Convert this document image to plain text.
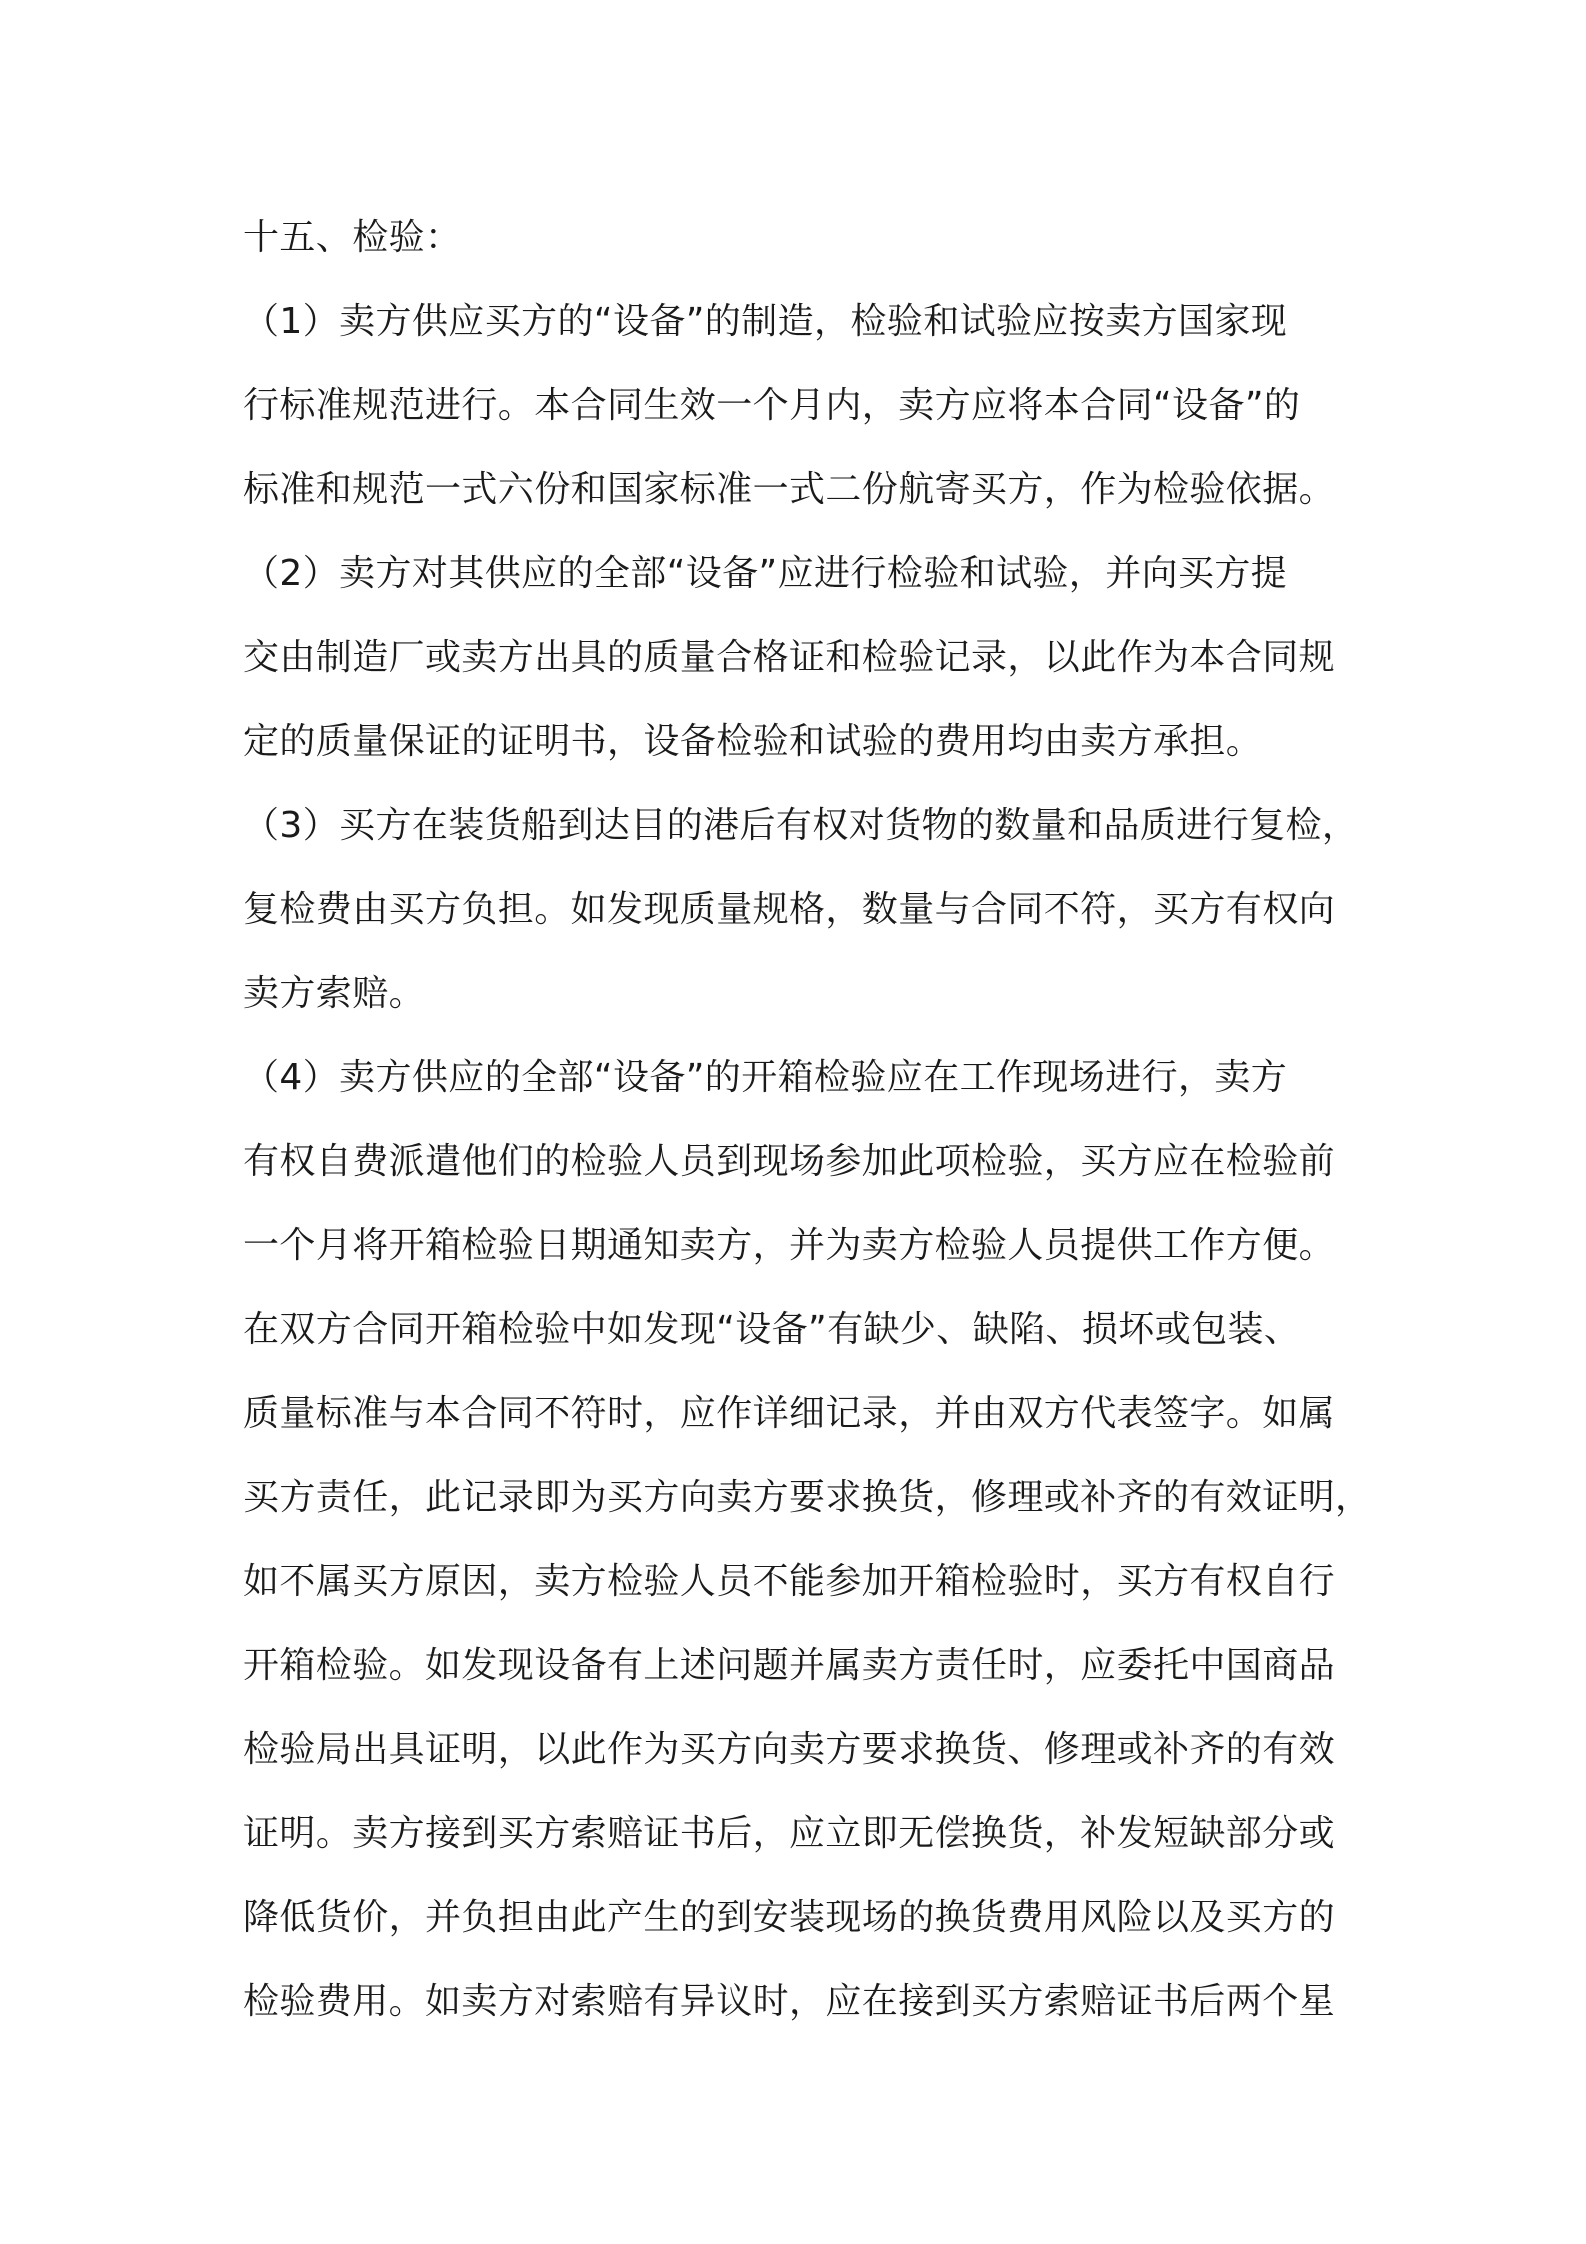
十五、检验：
（1）卖方供应买方的“设备”的制造，检验和试验应按卖方国家现
行标准规范进行。本合同生效一个月内，卖方应将本合同“设备”的
标准和规范一式六份和国家标准一式二份航寄买方，作为检验依据。
（2）卖方对其供应的全部“设备”应进行检验和试验，并向买方提
交由制造厂或卖方出具的质量合格证和检验记录，以此作为本合同规
定的质量保证的证明书，设备检验和试验的费用均由卖方承担。
（3）买方在装货船到达目的港后有权对货物的数量和品质进行复检，
复检费由买方负担。如发现质量规格，数量与合同不符，买方有权向
卖方索赔。
（4）卖方供应的全部“设备”的开箱检验应在工作现场进行，卖方
有权自费派遣他们的检验人员到现场参加此项检验，买方应在检验前
一个月将开箱检验日期通知卖方，并为卖方检验人员提供工作方便。
在双方合同开箱检验中如发现“设备”有缺少、缺陷、损坏或包装、
质量标准与本合同不符时，应作详细记录，并由双方代表签字。如属
买方责任，此记录即为买方向卖方要求换货，修理或补齐的有效证明，
如不属买方原因，卖方检验人员不能参加开箱检验时，买方有权自行
开箱检验。如发现设备有上述问题并属卖方责任时，应委托中国商品
检验局出具证明，以此作为买方向卖方要求换货、修理或补齐的有效
证明。卖方接到买方索赔证书后，应立即无偿换货，补发短缺部分或
降低货价，并负担由此产生的到安装现场的换货费用风险以及买方的
检验费用。如卖方对索赔有异议时，应在接到买方索赔证书后两个星
